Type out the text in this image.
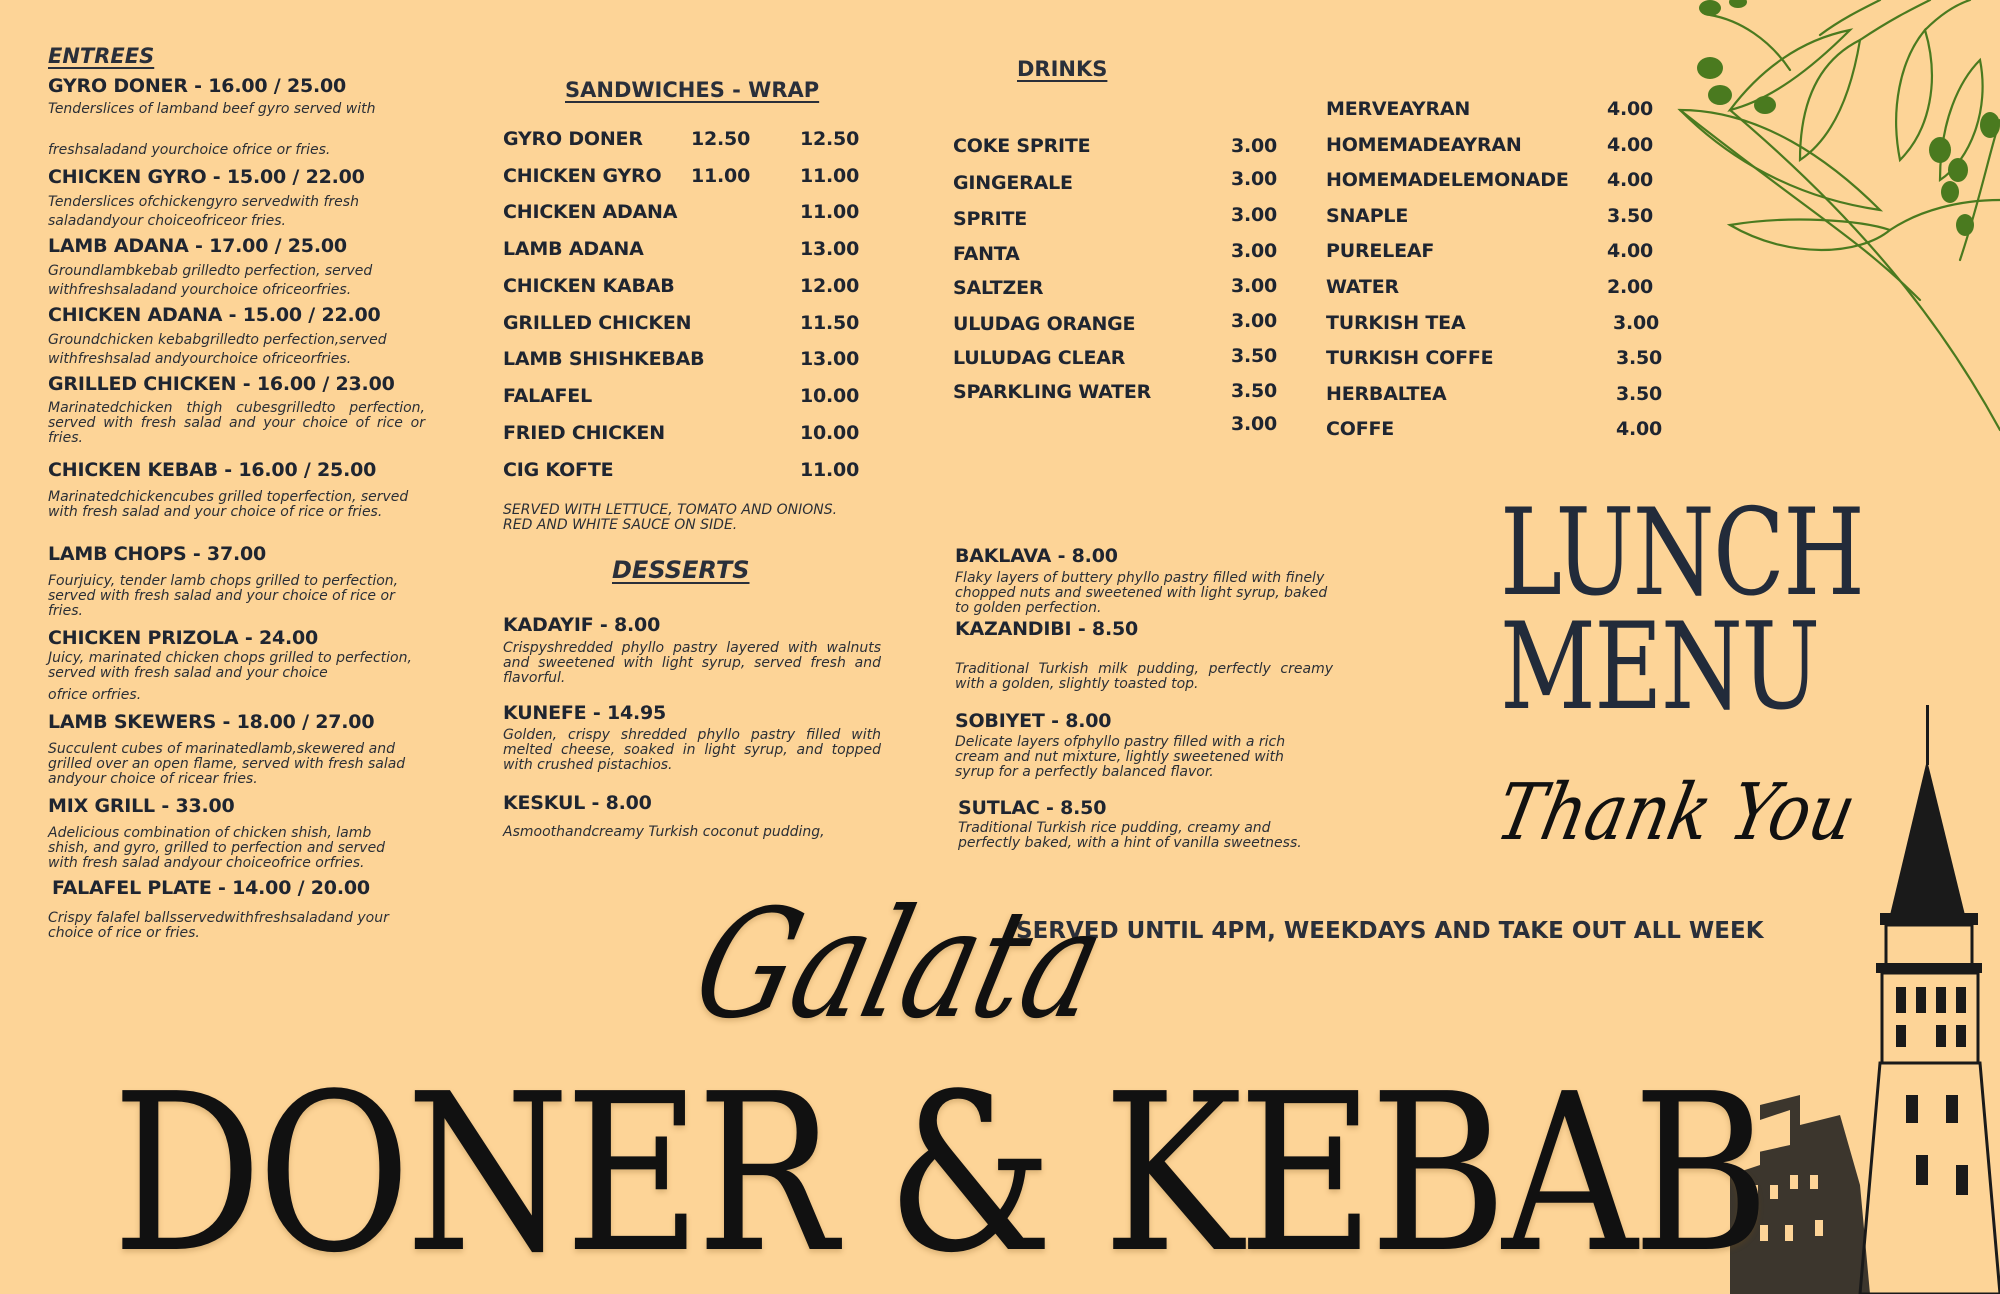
ENTREES
GYRO DONER - 16.00 / 25.00
Tenderslices of lamband beef gyro served with
freshsaladand yourchoice ofrice or fries.
CHICKEN GYRO - 15.00 / 22.00
Tenderslices ofchickengyro servedwith fresh saladandyour choiceofriceor fries.
LAMB ADANA - 17.00 / 25.00
Groundlambkebab grilledto perfection, served withfreshsaladand yourchoice ofriceorfries.
CHICKEN ADANA - 15.00 / 22.00
Groundchicken kebabgrilledto perfection,served withfreshsalad andyourchoice ofriceorfries.
GRILLED CHICKEN - 16.00 / 23.00
Marinatedchicken thigh cubesgrilledto perfection, served with fresh salad and your choice of rice or fries.
CHICKEN KEBAB - 16.00 / 25.00
Marinatedchickencubes grilled toperfection, served with fresh salad and your choice of rice or fries.
LAMB CHOPS - 37.00
Fourjuicy, tender lamb chops grilled to perfection, served with fresh salad and your choice of rice or fries.
CHICKEN PRIZOLA - 24.00
Juicy, marinated chicken chops grilled to perfection, served with fresh salad and your choice
ofrice orfries.
LAMB SKEWERS - 18.00 / 27.00
Succulent cubes of marinatedlamb,skewered and grilled over an open flame, served with fresh salad andyour choice of ricear fries.
MIX GRILL - 33.00
Adelicious combination of chicken shish, lamb shish, and gyro, grilled to perfection and served with fresh salad andyour choiceofrice orfries.
FALAFEL PLATE - 14.00 / 20.00
Crispy falafel ballsservedwithfreshsaladand your choice of rice or fries.
SANDWICHES - WRAP
GYRO DONER	12.50	12.50
CHICKEN GYRO 11.00	11.00
CHICKEN ADANA	11.00
LAMB ADANA	13.00
CHICKEN KABAB	12.00
GRILLED CHICKEN	11.50
LAMB SHISHKEBAB	13.00
FALAFEL	10.00
FRIED CHICKEN	10.00
CIG KOFTE	11.00
SERVED WITH LETTUCE, TOMATO AND ONIONS. RED AND WHITE SAUCE ON SIDE.
DESSERTS
KADAYIF - 8.00
Crispyshredded phyllo pastry layered with walnuts and sweetened with light syrup, served fresh and flavorful.
KUNEFE - 14.95
Golden, crispy shredded phyllo pastry filled with melted cheese, soaked in light syrup, and topped with crushed pistachios.
KESKUL - 8.00
Asmoothandcreamy Turkish coconut pudding,
BAKLAVA - 8.00
Flaky layers of buttery phyllo pastry filled with finely chopped nuts and sweetened with light syrup, baked to golden perfection.
KAZANDIBI - 8.50
Traditional Turkish milk pudding, perfectly creamy with a golden, slightly toasted top.
SOBIYET - 8.00
Delicate layers ofphyllo pastry filled with a rich cream and nut mixture, lightly sweetened with syrup for a perfectly balanced flavor.
SUTLAC - 8.50
Traditional Turkish rice pudding, creamy and perfectly baked, with a hint of vanilla sweetness.
DRINKS
COKE SPRITE	3.00
GINGERALE	3.00
SPRITE	3.00
FANTA	3.00
SALTZER	3.00
ULUDAG ORANGE	3.00
LULUDAG CLEAR	3.50
SPARKLING WATER	3.50
3.00
MERVEAYRAN	4.00
HOMEMADEAYRAN	4.00
HOMEMADELEMONADE 4.00
SNAPLE	3.50
PURELEAF	4.00
WATER	2.00
TURKISH TEA	3.00
TURKISH COFFE	3.50
HERBALTEA	3.50
COFFE	4.00
LUNCH
MENU
Thank You
SERVED UNTIL 4PM, WEEKDAYS AND TAKE OUT ALL WEEK
Galata
DONER & KEBAB
